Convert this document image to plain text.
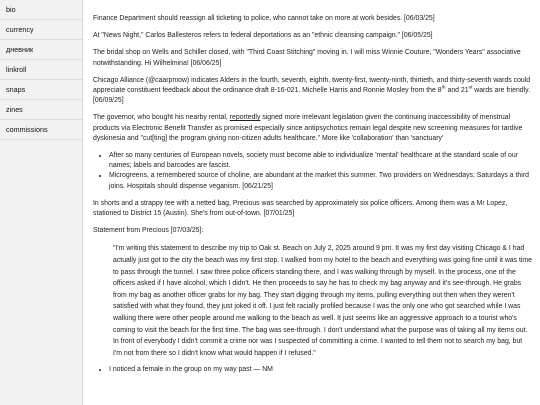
bio
currency
дневник
linkroll
snaps
zines
commissions

Finance Department should reassign all ticketing to police, who cannot take on more at work besides. [06/03/25]

At "News Night," Carlos Ballesteros refers to federal deportations as an "ethnic cleansing campaign." [06/05/25]

The bridal shop on Wells and Schiller closed, with "Third Coast Stitching" moving in. I will miss Winnie Couture, "Wonders Years" associative notwithstanding. Hi Wilhelmina! [06/06/25]

Chicago Alliance (@caarpmow) indicates Alders in the fourth, seventh, eighth, twenty-first, twenty-ninth, thirtieth, and thirty-seventh wards could appreciate constituent feedback about the ordinance draft 8-16-021. Michelle Harris and Ronnie Mosley from the 8th and 21st wards are friendly. [06/09/25]

The governor, who bought his nearby rental, reportedly signed more irrelevant legislation given the continuing inaccessibility of menstrual products via Electronic Benefit Transfer as promised especially since antipsychotics remain legal despite new screening measures for tardive dyskinesia and "cut[ting] the program giving non-citizen adults healthcare." More like 'collaboration' than 'sanctuary'

• After so many centuries of European novels, society must become able to individualize 'mental' healthcare at the standard scale of our names; labels and barcodes are fascist.
• Microgreens, a remembered source of choline, are abundant at the market this summer. Two providers on Wednesdays; Saturdays a third joins. Hospitals should dispense veganism. [06/21/25]

In shorts and a strappy tee with a netted bag, Precious was searched by approximately six police officers. Among them was a Mr Lopez, stationed to District 15 (Austin). She's from out-of-town. [07/01/25]

Statement from Precious [07/03/25]:

"I'm writing this statement to describe my trip to Oak st. Beach on July 2, 2025 around 9 pm. It was my first day visiting Chicago & I had actually just got to the city the beach was my first stop. I walked from my hotel to the beach and everything was going fine until it was time to pass through the tunnel. I saw three police officers standing there, and I was walking through by myself. In the process, one of the officers asked if I have alcohol, which I didn't. He then proceeds to say he has to check my bag anyway and it's see-through. He grabs from my bag as another officer grabs for my bag. They start digging through my items, pulling everything out then when they weren't satisfied with what they found, they just joked it off. I just felt racially profiled because I was the only one who got searched while I was walking there were other people around me walking to the beach as well. It just seems like an aggressive approach to a tourist who's coming to visit the beach for the first time. The bag was see-through. I don't understand what the purpose was of taking all my items out. In front of everybody I didn't commit a crime nor was I suspected of committing a crime. I wanted to tell them not to search my bag, but I'm not from there so I didn't know what would happen if I refused."
• I noticed a female in the group on my way past — NM
